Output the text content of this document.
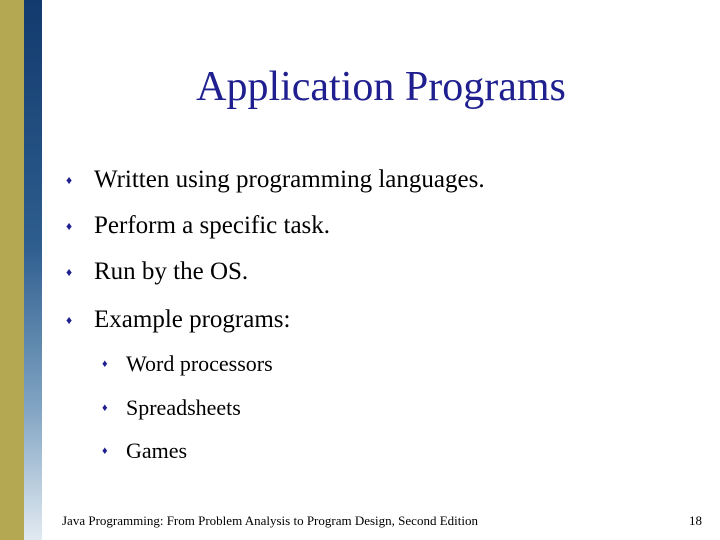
Application Programs
♦ Written using programming languages.
♦ Perform a specific task.
♦ Run by the OS.
♦ Example programs:
♦ Word processors
♦ Spreadsheets
♦ Games
Java Programming: From Problem Analysis to Program Design, Second Edition	18
